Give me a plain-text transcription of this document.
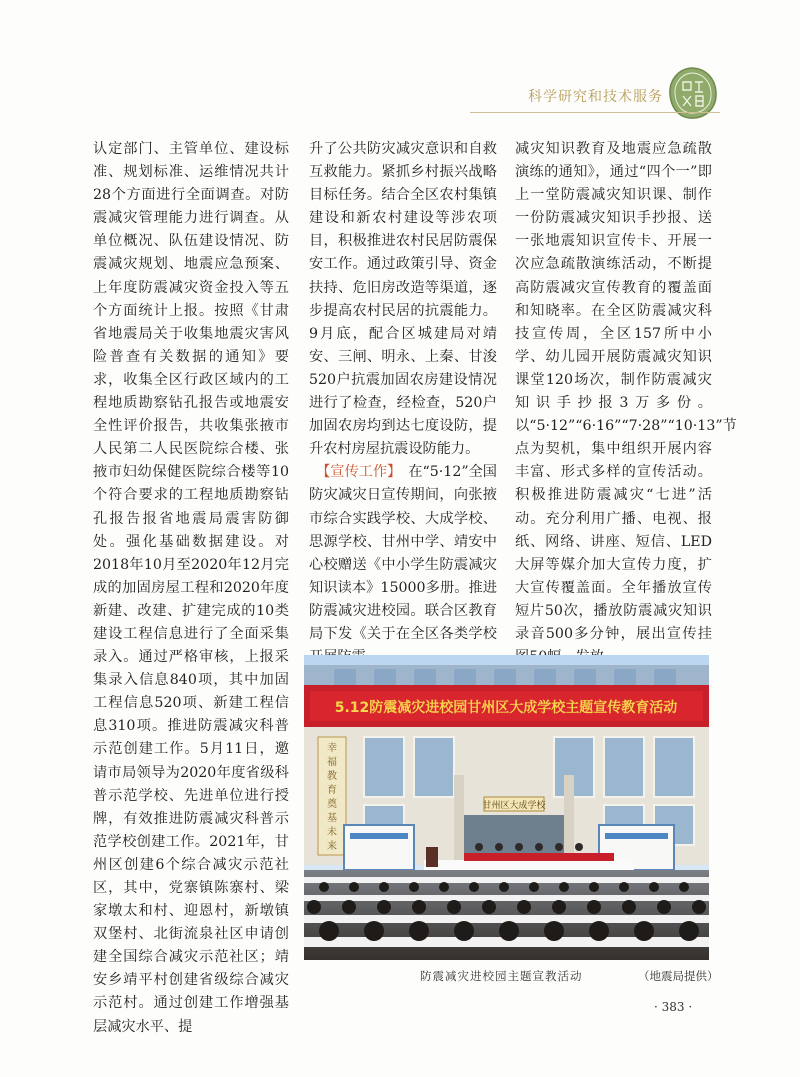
科学研究和技术服务

认定部门、主管单位、建设标准、规划标准、运维情况共计28个方面进行全面调查。对防震减灾管理能力进行调查。从单位概况、队伍建设情况、防震减灾规划、地震应急预案、上年度防震减灾资金投入等五个方面统计上报。按照《甘肃省地震局关于收集地震灾害风险普查有关数据的通知》要求，收集全区行政区域内的工程地质勘察钻孔报告或地震安全性评价报告，共收集张掖市人民第二人民医院综合楼、张掖市妇幼保健医院综合楼等10个符合要求的工程地质勘察钻孔报告报省地震局震害防御处。强化基础数据建设。对2018年10月至2020年12月完成的加固房屋工程和2020年度新建、改建、扩建完成的10类建设工程信息进行了全面采集录入。通过严格审核，上报采集录入信息840项，其中加固工程信息520项、新建工程信息310项。推进防震减灾科普示范创建工作。5月11日，邀请市局领导为2020年度省级科普示范学校、先进单位进行授牌，有效推进防震减灾科普示范学校创建工作。2021年，甘州区创建6个综合减灾示范社区，其中，党寨镇陈寨村、梁家墩太和村、迎恩村，新墩镇双堡村、北街流泉社区申请创建全国综合减灾示范社区；靖安乡靖平村创建省级综合减灾示范村。通过创建工作增强基层减灾水平、提

升了公共防灾减灾意识和自救互救能力。紧抓乡村振兴战略目标任务。结合全区农村集镇建设和新农村建设等涉农项目，积极推进农村民居防震保安工作。通过政策引导、资金扶持、危旧房改造等渠道，逐步提高农村民居的抗震能力。9月底，配合区城建局对靖安、三闸、明永、上秦、甘浚520户抗震加固农房建设情况进行了检查，经检查，520户加固农房均到达七度设防，提升农村房屋抗震设防能力。

　【宣传工作】  在“5·12”全国防灾减灾日宣传期间，向张掖市综合实践学校、大成学校、思源学校、甘州中学、靖安中心校赠送《中小学生防震减灾知识读本》15000多册。推进防震减灾进校园。联合区教育局下发《关于在全区各类学校

减灾知识教育及地震应急疏散演练的通知》，通过“四个一”即上一堂防震减灾知识课、制作一份防震减灾知识手抄报、送一张地震知识宣传卡、开展一次应急疏散演练活动，不断提高防震减灾宣传教育的覆盖面和知晓率。在全区防震减灾科技宣传周，全区157所中小学、幼儿园开展防震减灾知识课堂120场次，制作防震减灾知识手抄报3万多份。以“5·12”“6·16”“7·28”“10·13”节点为契机，集中组织开展内容丰富、形式多样的宣传活动。积极推进防震减灾“七进”活动。充分利用广播、电视、报纸、网络、讲座、短信、LED大屏等媒介加大宣传力度，扩大宣传覆盖面。全年播放宣传短片50次，播放防震减灾知识录音500多分钟，展出宣传挂

5.12防震减灾进校园甘州区大成学校主题宣传教育活动
幸
福
教
育
奠
基
未
来
甘州区大成学校
防震减灾进校园主题宣教活动	（地震局提供）
· 383 ·
